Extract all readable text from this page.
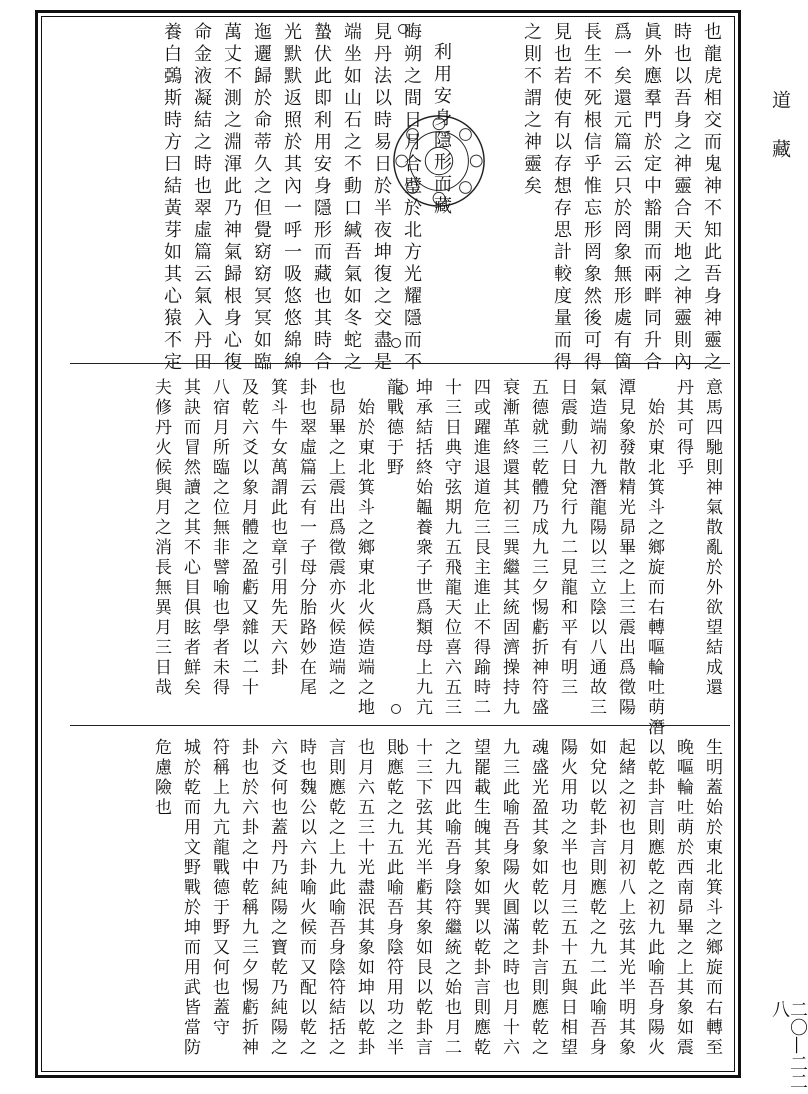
道藏
二〇—二二八
也龍虎相交而鬼神不知此吾身神靈之
時也以吾身之神靈合天地之神靈則內
眞外應羣門於定中豁開而兩畔同升合
爲一矣還元篇云只於罔象無形處有箇
長生不死根信乎惟忘形罔象然後可得
見也若使有以存想存思計較度量而得
之則不謂之神靈矣
利用安身隱形而藏
晦朔之間日月合璧於北方光耀隱而不
見丹法以時易日於半夜坤復之交盡是
端坐如山石之不動口緘吾氣如冬蛇之
蟄伏此即利用安身隱形而藏也其時合
光默默返照於其內一呼一吸悠悠綿綿
迤邐歸於命蒂久之但覺窈窈冥冥如臨
萬丈不測之淵渾此乃神氣歸根身心復
命金液凝結之時也翠虛篇云氣入丹田
養白鵶斯時方曰結黃芽如其心猿不定
意馬四馳則神氣散亂於外欲望結成還
丹其可得乎
始於東北箕斗之鄉旋而右轉嘔輪吐萌潛
潭見象發散精光昴畢之上三震出爲徵陽
氣造端初九潛龍陽以三立陰以八通故三
日震動八日兌行九二見龍和平有明三
五德就三乾體乃成九三夕惕虧折神符盛
衰漸革終還其初三巽繼其統固濟操持九
四或躍進退道危三艮主進止不得踰時二
十三日典守弦期九五飛龍天位喜六五三
坤承結括終始韞養衆子世爲類母上九亢
龍戰德于野
始於東北箕斗之鄉東北火候造端之地
也昴畢之上震出爲徵震亦火候造端之
卦也翠虛篇云有一子母分胎路妙在尾
箕斗牛女萬謂此也章引用先天六卦
及乾六爻以象月體之盈虧又雜以二十
八宿月所臨之位無非譬喻也學者未得
其訣而冒然讀之其不心目俱眩者鮮矣
夫修丹火候與月之消長無異月三日哉
生明蓋始於東北箕斗之鄉旋而右轉至
晚嘔輪吐萌於西南昴畢之上其象如震
以乾卦言則應乾之初九此喻吾身陽火
起緒之初也月初八上弦其光半明其象
如兌以乾卦言則應乾之九二此喻吾身
陽火用功之半也月三五十五與日相望
魂盛光盈其象如乾以乾卦言則應乾之
九三此喻吾身陽火圓滿之時也月十六
望罷載生魄其象如巽以乾卦言則應乾
之九四此喻吾身陰符繼統之始也月二
十三下弦其光半虧其象如艮以乾卦言
則應乾之九五此喻吾身陰符用功之半
也月六五三十光盡泯其象如坤以乾卦
言則應乾之上九此喻吾身陰符結括之
時也魏公以六卦喻火候而又配以乾之
六爻何也蓋丹乃純陽之寶乾乃純陽之
卦也於六卦之中乾稱九三夕惕虧折神
符稱上九亢龍戰德于野又何也蓋守
城於乾而用文野戰於坤而用武皆當防
危慮險也
